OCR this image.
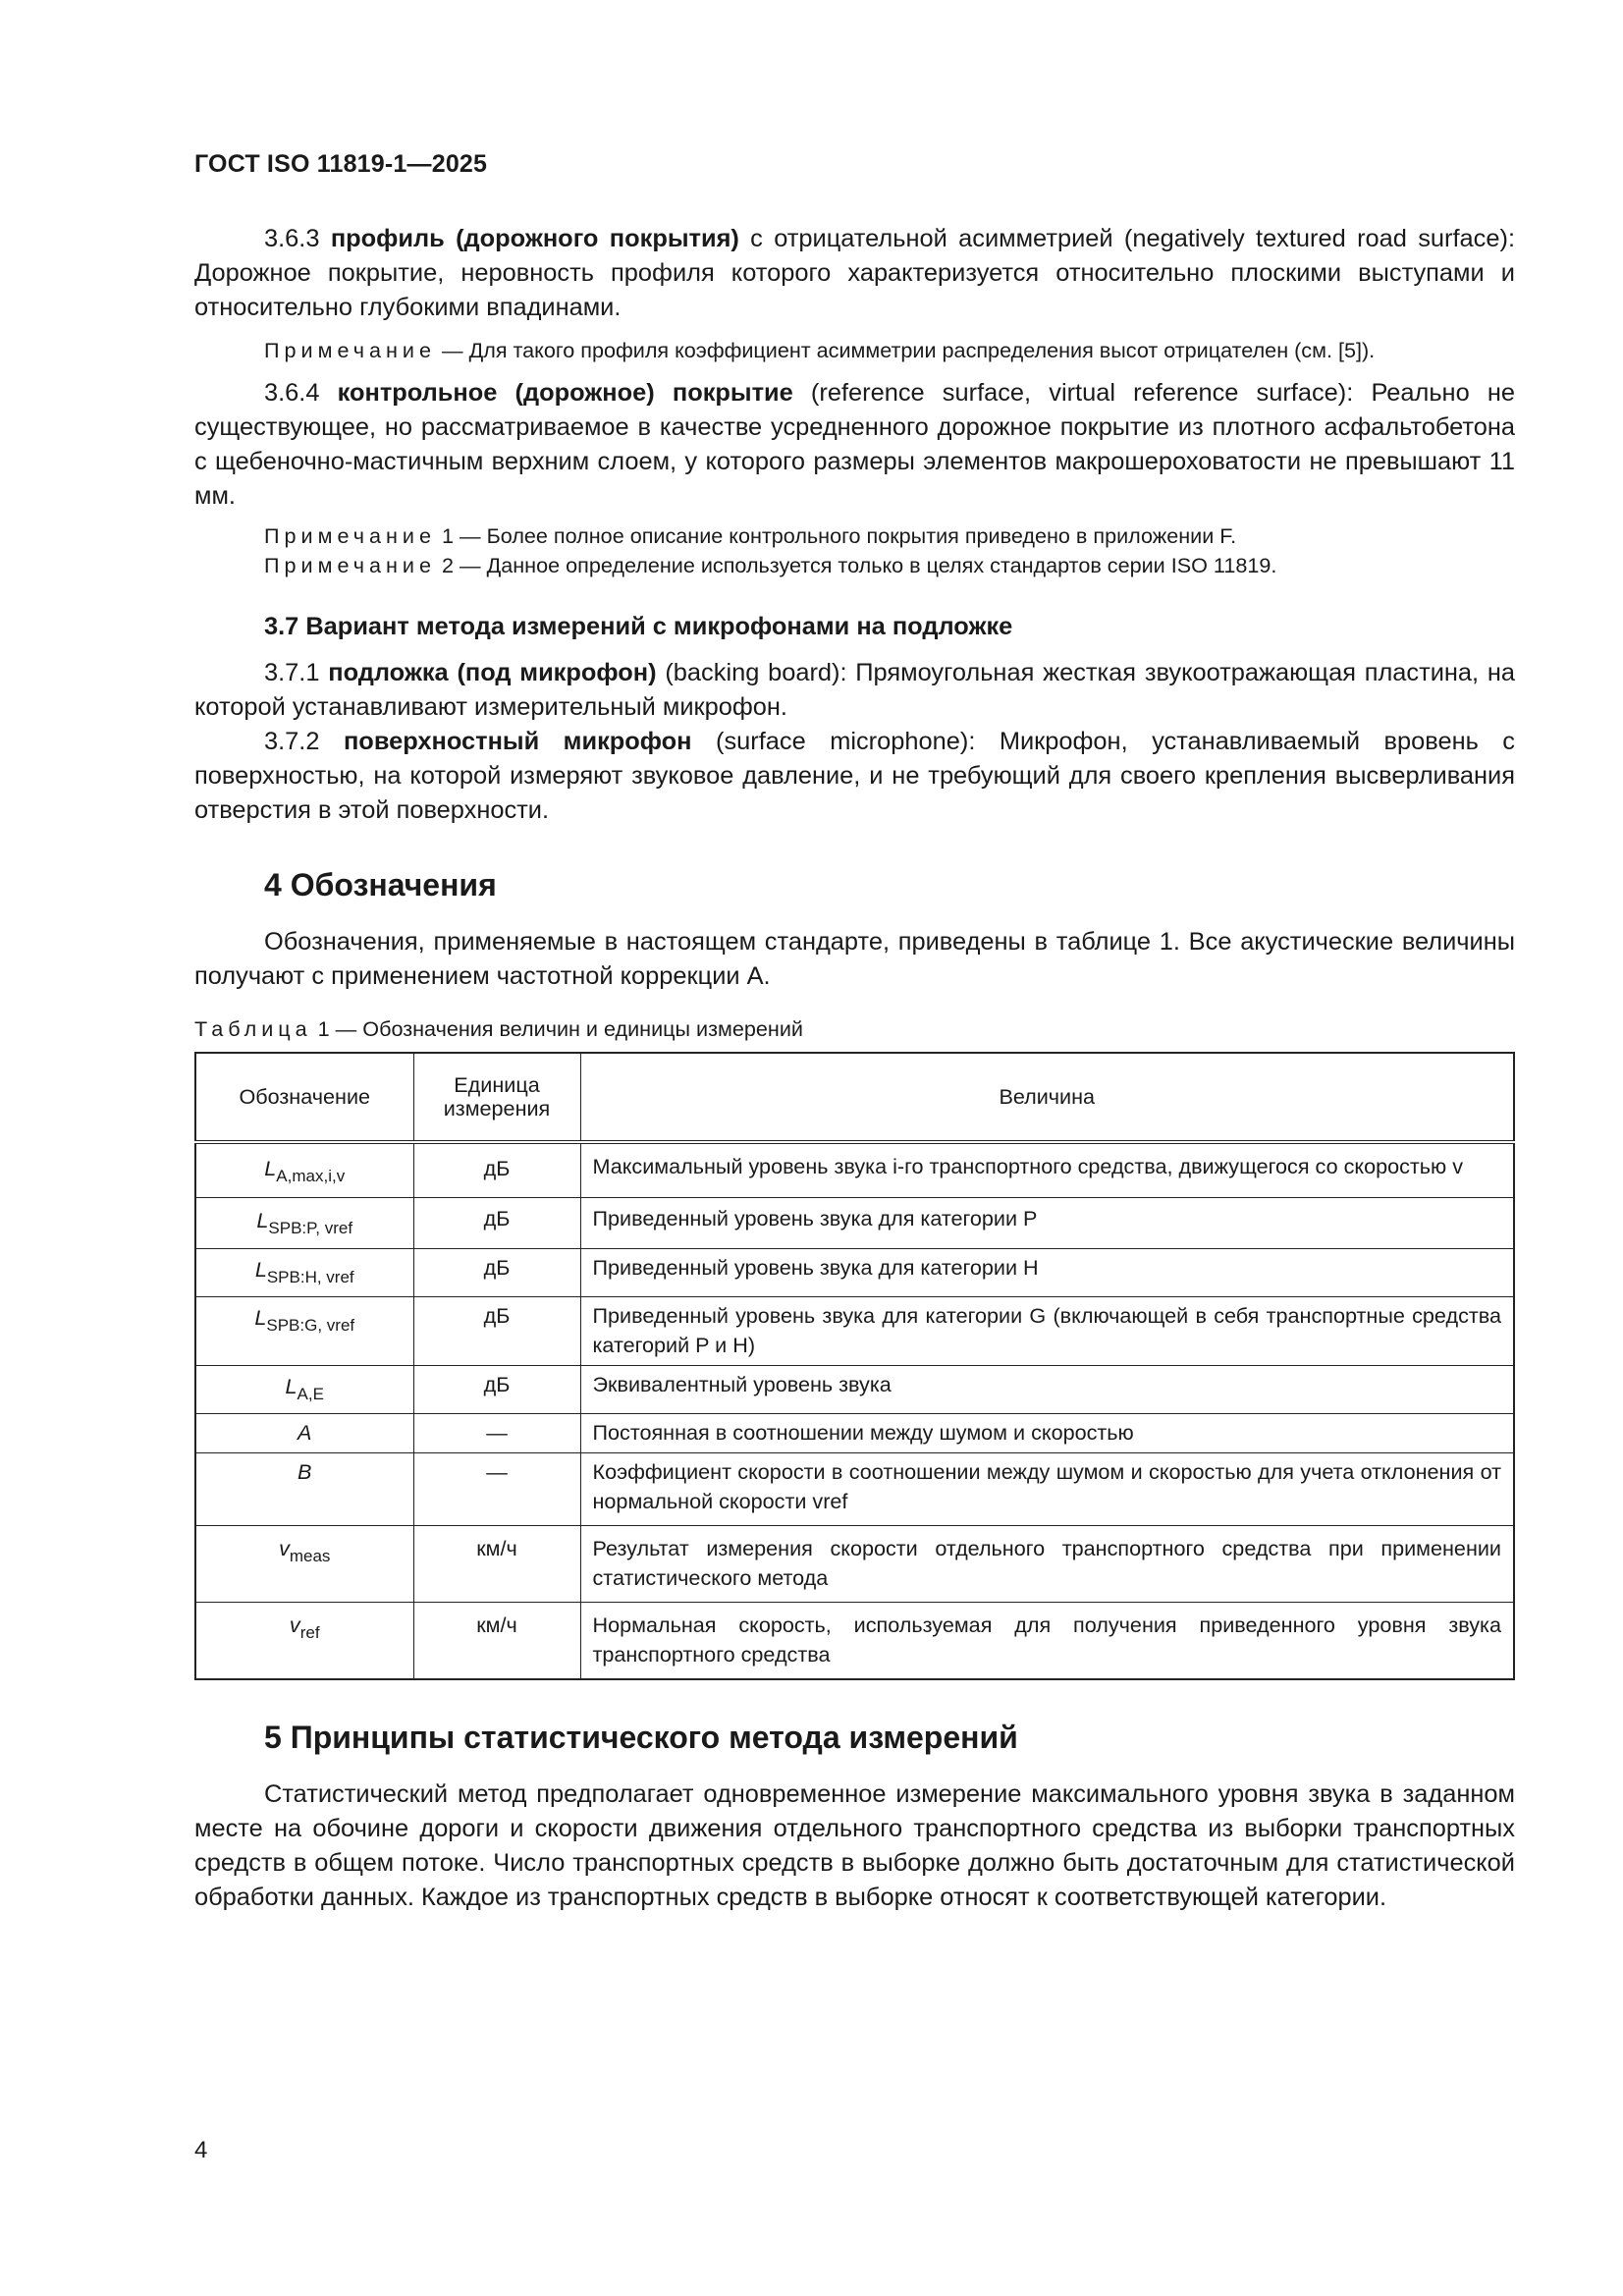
ГОСТ ISO 11819-1—2025

3.6.3 профиль (дорожного покрытия) с отрицательной асимметрией (negatively textured road surface): Дорожное покрытие, неровность профиля которого характеризуется относительно плоскими выступами и относительно глубокими впадинами.

Примечание — Для такого профиля коэффициент асимметрии распределения высот отрицателен (см. [5]).

3.6.4 контрольное (дорожное) покрытие (reference surface, virtual reference surface): Реально не существующее, но рассматриваемое в качестве усредненного дорожное покрытие из плотного асфальтобетона с щебеночно-мастичным верхним слоем, у которого размеры элементов макрошероховатости не превышают 11 мм.

Примечание 1 — Более полное описание контрольного покрытия приведено в приложении F.

Примечание 2 — Данное определение используется только в целях стандартов серии ISO 11819.

3.7 Вариант метода измерений с микрофонами на подложке

3.7.1 подложка (под микрофон) (backing board): Прямоугольная жесткая звукоотражающая пластина, на которой устанавливают измерительный микрофон.

3.7.2 поверхностный микрофон (surface microphone): Микрофон, устанавливаемый вровень с поверхностью, на которой измеряют звуковое давление, и не требующий для своего крепления высверливания отверстия в этой поверхности.

4 Обозначения

Обозначения, применяемые в настоящем стандарте, приведены в таблице 1. Все акустические величины получают с применением частотной коррекции A.

Таблица 1 — Обозначения величин и единицы измерений

Обозначение	Единица измерения	Величина
$L_{A,max,i,v}$	дБ	Максимальный уровень звука i-го транспортного средства, движущегося со скоростью v
$L_{SPB:P, vref}$	дБ	Приведенный уровень звука для категории P
$L_{SPB:H, vref}$	дБ	Приведенный уровень звука для категории H
$L_{SPB:G, vref}$	дБ	Приведенный уровень звука для категории G (включающей в себя транспортные средства категорий P и H)
$L_{A,E}$	дБ	Эквивалентный уровень звука
A	—	Постоянная в соотношении между шумом и скоростью
B	—	Коэффициент скорости в соотношении между шумом и скоростью для учета отклонения от нормальной скорости vref
$v_{meas}$	км/ч	Результат измерения скорости отдельного транспортного средства при применении статистического метода
$v_{ref}$	км/ч	Нормальная скорость, используемая для получения приведенного уровня звука транспортного средства

5 Принципы статистического метода измерений

Статистический метод предполагает одновременное измерение максимального уровня звука в заданном месте на обочине дороги и скорости движения отдельного транспортного средства из выборки транспортных средств в общем потоке. Число транспортных средств в выборке должно быть достаточным для статистической обработки данных. Каждое из транспортных средств в выборке относят к соответствующей категории.

4
